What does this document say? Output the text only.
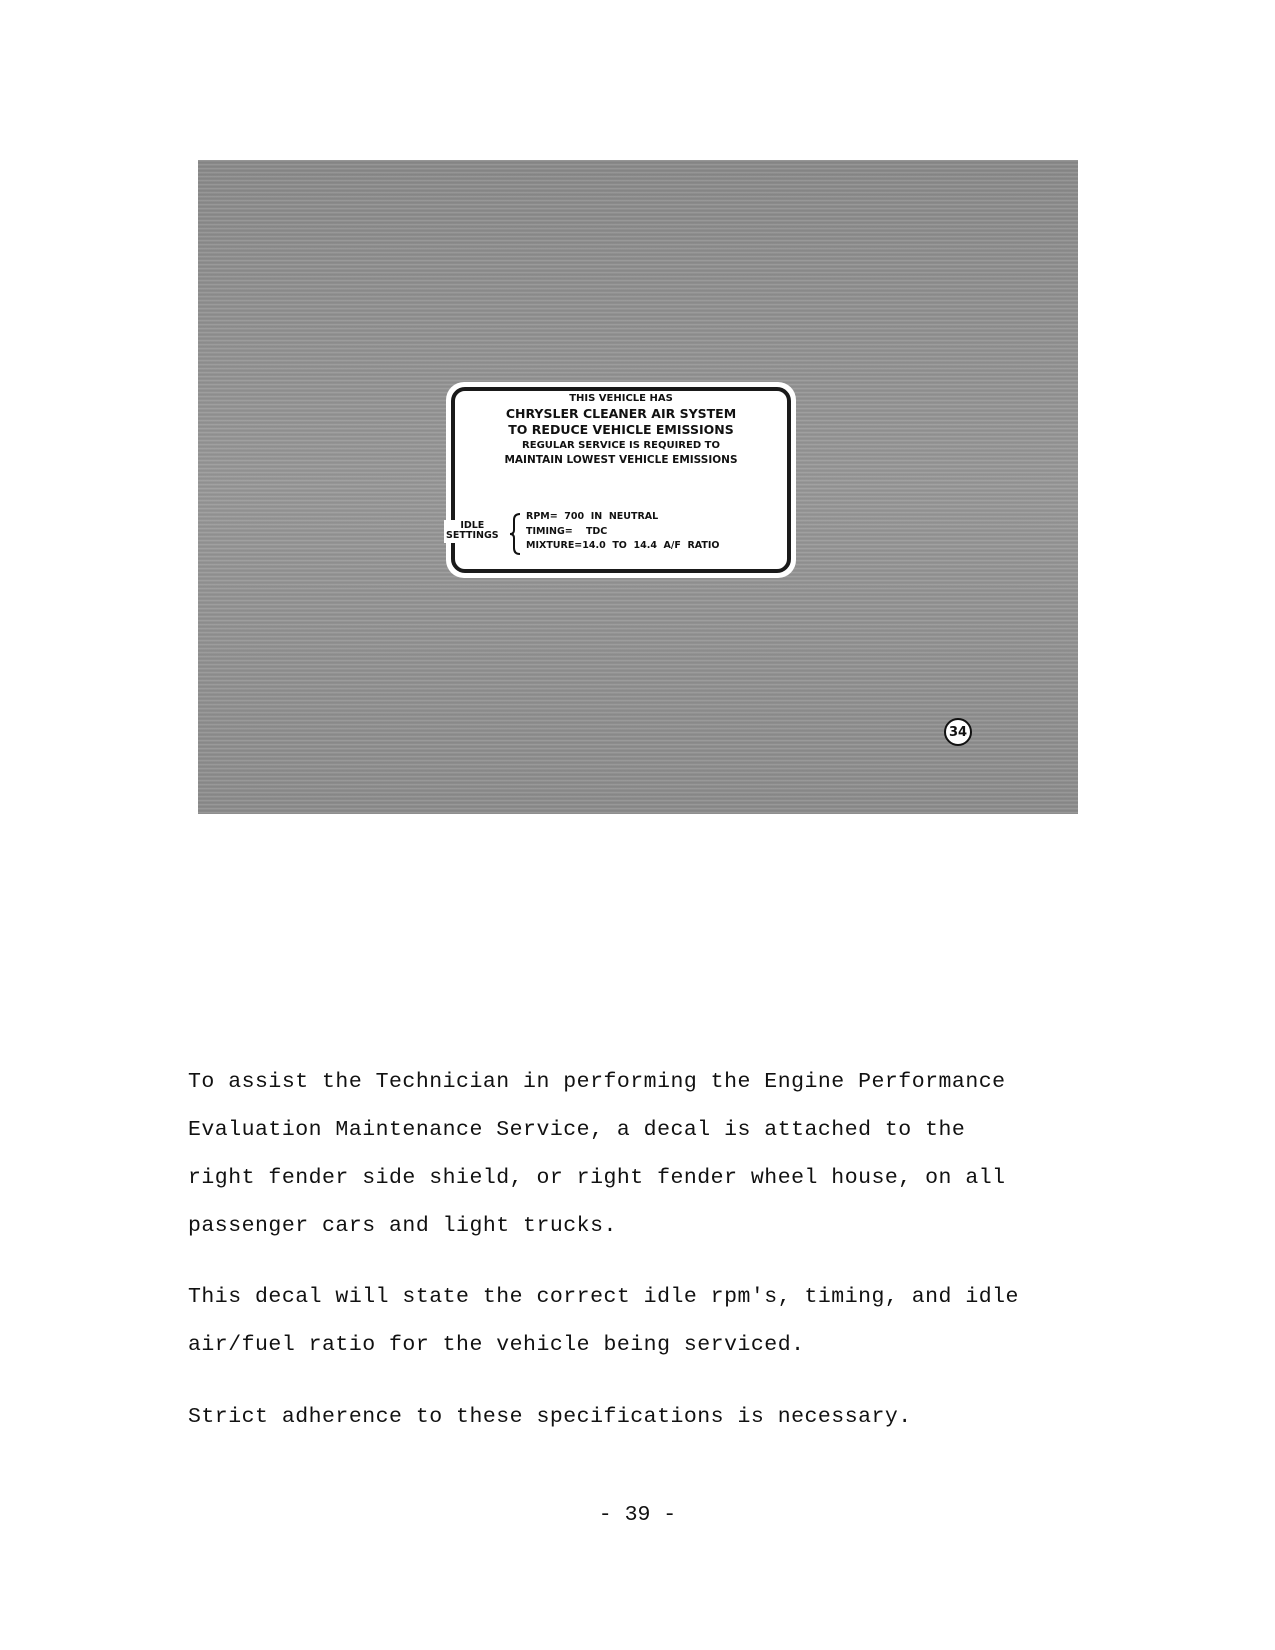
THIS VEHICLE HAS
CHRYSLER CLEANER AIR SYSTEM
TO REDUCE VEHICLE EMISSIONS
REGULAR SERVICE IS REQUIRED TO
MAINTAIN LOWEST VEHICLE EMISSIONS
IDLE
SETTINGS
RPM=  700  IN  NEUTRAL
TIMING=    TDC
MIXTURE=14.0  TO  14.4  A/F  RATIO
34

To assist the Technician in performing the Engine Performance

Evaluation Maintenance Service, a decal is attached to the

right fender side shield, or right fender wheel house, on all

passenger cars and light trucks.

This decal will state the correct idle rpm's, timing, and idle

air/fuel ratio for the vehicle being serviced.

Strict adherence to these specifications is necessary.

- 39 -
